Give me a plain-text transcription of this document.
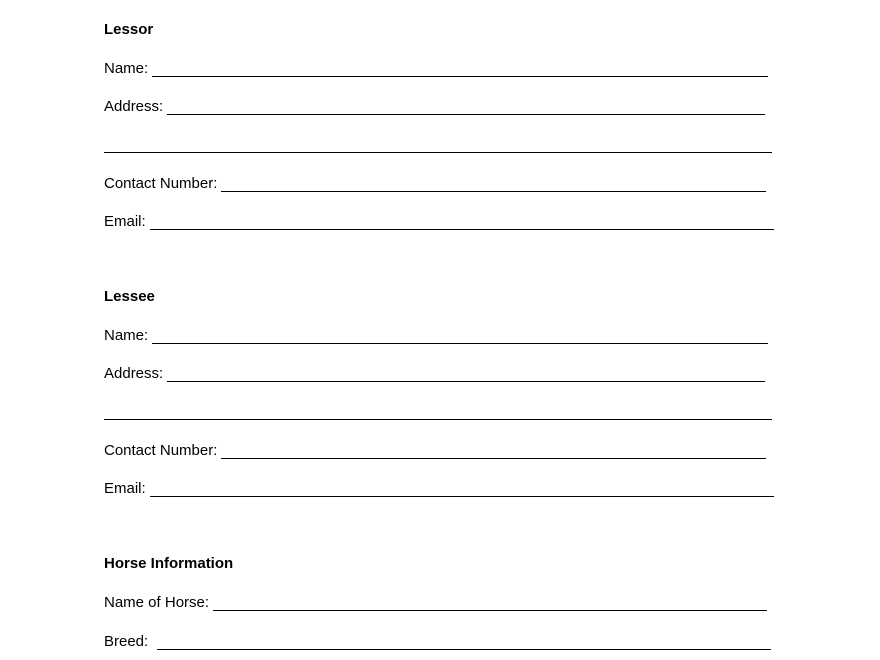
Lessor
Name:
Address:
Contact Number:
Email:
Lessee
Name:
Address:
Contact Number:
Email:
Horse Information
Name of Horse:
Breed:
